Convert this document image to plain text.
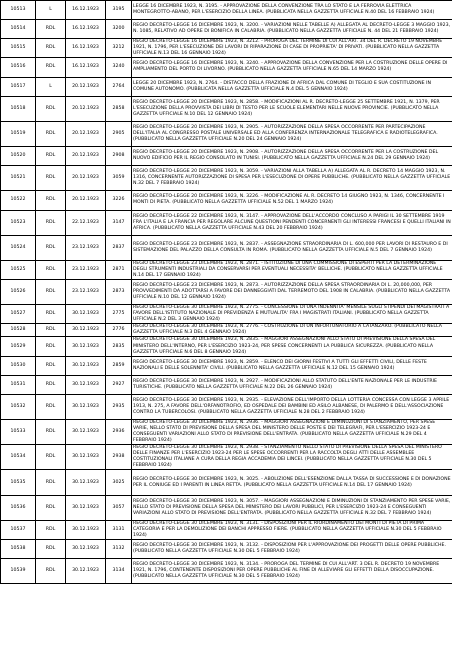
10513	L	16.12.1923	3195	LEGGE 16 DICEMBRE 1923, N. 3195. - APPROVAZIONE DELLA CONVENZIONE TRA LO STATO E LA FERROVIA ELETTRICA MONTEGROTTO-ABANO, PER L'ESERCIZIO DELLA LINEA. (PUBBLICATA NELLA GAZZETTA UFFICIALE N.40 DEL 16 FEBBRAIO 1924)
10514	RDL	16.12.1923	3200	REGIO DECRETO-LEGGE 16 DICEMBRE 1923, N. 3200. - VARIAZIONI NELLE TABELLE A) ALLEGATA AL DECRETO-LEGGE 3 MAGGIO 1923, N. 1085, RELATIVO AD OPERE DI BONIFICA IN CALABRIA. (PUBBLICATO NELLA GAZZETTA UFFICIALE N. 44 DEL 21 FEBBRAIO 1924)
10515	RDL	16.12.1923	3212	REGIO DECRETO-LEGGE 16 DICEMBRE 1923, N. 3212. - PROROGA DEL TERMINE DI CUI ALL'ART. 34 DEL R. DECRETO 19 NOVEMBRE 1921, N. 1796, PER L'ESECUZIONE DEI LAVORI DI RIPARAZIONE DI CASE DI PROPRIETA' DI PRIVATI. (PUBBLICATO NELLA GAZZETTA UFFICIALE N.13 DEL 16 GENNAIO 1924)
10516	RDL	16.12.1923	3240	REGIO DECRETO-LEGGE 16 DICEMBRE 1923, N. 3240. - APPROVAZIONE DELLA CONVENZIONE PER LA COSTRUZIONE DELLE OPERE DI AMPLIAMENTO DEL PORTO DI LIVORNO. (PUBBLICATO NELLA GAZZETTA UFFICIALE N.65 DEL 14 MARZO 1924)
10517	L	20.12.1923	2764	LEGGE 20 DICEMBRE 1923, N. 2764. - DISTACCO DELLA FRAZIONE DI AFRICA DAL COMUNE DI TEGLIO E SUA COSTITUZIONE IN COMUNE AUTONOMO. (PUBBLICATA NELLA GAZZETTA UFFICIALE N.4 DEL 5 GENNAIO 1924)
10518	RDL	20.12.1923	2858	REGIO DECRETO-LEGGE 20 DICEMBRE 1923, N. 2858. - MODIFICAZIONI AL R. DECRETO-LEGGE 25 SETTEMBRE 1921, N. 1379, PER L'ESECUZIONE DELLA PROVVISTA DEI LIBRI DI TESTO PER LE SCUOLE ELEMENTARI NELLE NUOVE PROVINCIE. (PUBBLICATO NELLA GAZZETTA UFFICIALE N.10 DEL 12 GENNAIO 1924)
10519	RDL	20.12.1923	2905	REGIO DECRETO-LEGGE 20 DICEMBRE 1923, N. 2905. - AUTORIZZAZIONE DELLA SPESA OCCORRENTE PER PARTECIPAZIONE DELL'ITALIA AL CONGRESSO POSTALE UNIVERSALE ED ALLA CONFERENZA INTERNAZIONALE TELEGRAFICA E RADIOTELEGRAFICA. (PUBBLICATO NELLA GAZZETTA UFFICIALE N.20 DEL 24 GENNAIO 1924)
10520	RDL	20.12.1923	2908	REGIO DECRETO-LEGGE 20 DICEMBRE 1923, N. 2908. - AUTORIZZAZIONE DELLA SPESA OCCORRENTE PER LA COSTRUZIONE DEL NUOVO EDIFICIO PER IL REGIO CONSOLATO IN TUNISI. (PUBBLICATO NELLA GAZZETTA UFFICIALE N.24 DEL 29 GENNAIO 1924)
10521	RDL	20.12.1923	3059	REGIO DECRETO-LEGGE 20 DICEMBRE 1923, N. 3059. - VARIAZIONI ALLA TABELLA A) ALLEGATA AL R. DECRETO 14 MAGGIO 1923, N. 1316, CONCERNENTE AUTORIZZAZIONE DI SPESA PER L'ESECUZIONE DI OPERE PUBBLICHE. (PUBBLICATO NELLA GAZZETTA UFFICIALE N.32 DEL 7 FEBBRAIO 1924)
10522	RDL	20.12.1923	3226	REGIO DECRETO-LEGGE 20 DICEMBRE 1923, N. 3226. - MODIFICAZIONE AL R. DECRETO 14 GIUGNO 1923, N. 1346, CONCERNENTE I MONTI DI PIETA. (PUBBLICATO NELLA GAZZETTA UFFICIALE N.52 DEL 1 MARZO 1924)
10523	RDL	22.12.1923	3147	REGIO DECRETO-LEGGE 22 DICEMBRE 1923, N. 3147. - APPROVAZIONE DELL'ACCORDO CONCLUSO A PARIGI IL 30 SETTEMBRE 1919 FRA L'ITALIA E LA FRANCIA PER REGOLARE ALCUNE QUESTIONI PENDENTI CONCERNENTI GLI INTERESSI FRANCESI E QUELLI ITALIANI IN AFRICA. (PUBBLICATO NELLA GAZZETTA UFFICIALE N.43 DEL 20 FEBBRAIO 1924)
10524	RDL	23.12.1923	2837	REGIO DECRETO-LEGGE 23 DICEMBRE 1923, N. 2837. - ASSEGNAZIONE STRAORDINARIA DI L. 600,000 PER LAVORI DI RESTAURO E DI SISTEMAZIONE DEL PALAZZO DELLA CONSULTA IN ROMA. (PUBBLICATO NELLA GAZZETTA UFFICIALE N.5 DEL 7 GENNAIO 1924)
10525	RDL	23.12.1923	2871	REGIO DECRETO-LEGGE 23 DICEMBRE 1923, N. 2871. - ISTITUZIONE DI UNA COMMISSIONE DI ESPERTI PER LA DETERMINAZIONE DEGLI STRUMENTI INDUSTRIALI DA CONSERVARSI PER EVENTUALI NECESSITA' BELLICHE. (PUBBLICATO NELLA GAZZETTA UFFICIALE N.14 DEL 17 GENNAIO 1924)
10526	RDL	23.12.1923	2873	REGIO DECRETO-LEGGE 23 DICEMBRE 1923, N. 2873. - AUTORIZZAZIONE DELLA SPESA STRAORDINARIA DI L. 20,000,000, PER PROVVEDIMENTI DA ADOTTARSI A FAVORE DEI DANNEGGIATI DAL TERREMOTO DEL 1908 IN CALABRIA. (PUBBLICATO NELLA GAZZETTA UFFICIALE N.10 DEL 12 GENNAIO 1924)
10527	RDL	30.12.1923	2775	REGIO DECRETO-LEGGE 30 DICEMBRE 1923, N. 2775. - CONCESSIONE DI UNA INDENNITA' MENSILE SUGLI STIPENDI DEI MAGISTRATI A FAVORE DELL'ISTITUTO NAZIONALE DI PREVIDENZA E MUTUALITA' FRA I MAGISTRATI ITALIANI. (PUBBLICATO NELLA GAZZETTA UFFICIALE N.2 DEL 3 GENNAIO 1924)
10528	RDL	30.12.1923	2776	REGIO DECRETO-LEGGE 30 DICEMBRE 1923, N. 2776. - COSTRUZIONE DI UN INFORTUNATORIO A CATANZARO. (PUBBLICATO NELLA GAZZETTA UFFICIALE N.3 DEL 4 GENNAIO 1924)
10529	RDL	30.12.1923	2835	REGIO DECRETO-LEGGE 30 DICEMBRE 1923, N. 2835. - MAGGIORI ASSEGNAZIONI ALLO STATO DI PREVISIONE DELLA SPESA DEL MINISTERO DELL'INTERNO, PER L'ESERCIZIO 1923-24, PER SPESE CONCERNENTI LA PUBBLICA SICUREZZA. (PUBBLICATO NELLA GAZZETTA UFFICIALE N.6 DEL 8 GENNAIO 1924)
10530	RDL	30.12.1923	2859	REGIO DECRETO-LEGGE 30 DICEMBRE 1923, N. 2859. - ELENCO DEI GIORNI FESTIVI A TUTTI GLI EFFETTI CIVILI, DELLE FESTE NAZIONALI E DELLE SOLENNITA' CIVILI. (PUBBLICATO NELLA GAZZETTA UFFICIALE N.12 DEL 15 GENNAIO 1924)
10531	RDL	30.12.1923	2927	REGIO DECRETO-LEGGE 30 DICEMBRE 1923, N. 2927. - MODIFICAZIONI ALLO STATUTO DELL'ENTE NAZIONALE PER LE INDUSTRIE TURISTICHE. (PUBBLICATO NELLA GAZZETTA UFFICIALE N.22 DEL 26 GENNAIO 1924)
10532	RDL	30.12.1923	2935	REGIO DECRETO-LEGGE 30 DICEMBRE 1923, N. 2935. - ELEVAZIONE DELL'IMPORTO DELLA LOTTERIA CONCESSA CON LEGGE 3 APRILE 1913, N. 275, A FAVORE DELL'ORFANOTROFIO, ED OSPEDALE DEI BAMBINI ED ASILO ALBANESE, DI PALERMO E DELL'ASSOCIAZIONE CONTRO LA TUBERCOLOSI. (PUBBLICATO NELLA GAZZETTA UFFICIALE N.28 DEL 2 FEBBRAIO 1924)
10533	RDL	30.12.1923	2936	REGIO DECRETO-LEGGE 30 DICEMBRE 1923, N. 2936. - MAGGIORI ASSEGNAZIONI E DIMINUZIONI DI STANZIAMENTO, PER SPESE VARIE, NELLO STATO DI PREVISIONE DELLA SPESA DEL MINISTERO DELLE POSTE E DEI TELEGRAFI, PER L'ESERCIZIO 1923-24 E CONSEGUENTI VARIAZIONI ALLO STATO DI PREVISIONE DELL'ENTRATA. (PUBBLICATO NELLA GAZZETTA UFFICIALE N.29 DEL 4 FEBBRAIO 1924)
10534	RDL	30.12.1923	2938	REGIO DECRETO-LEGGE 30 DICEMBRE 1923, N. 2938. - STANZIAMENTO NELLO STATO DI PREVISIONE DELLA SPESA DEL MINISTERO DELLE FINANZE PER L'ESERCIZIO 1923-24 PER LE SPESE OCCORRENTI PER LA RACCOLTA DEGLI ATTI DELLE ASSEMBLEE COSTITUZIONALI ITALIANE A CURA DELLA REGIA ACCADEMIA DEI LINCEI. (PUBBLICATO NELLA GAZZETTA UFFICIALE N.30 DEL 5 FEBBRAIO 1924)
10535	RDL	30.12.1923	3025	REGIO DECRETO-LEGGE 30 DICEMBRE 1923, N. 3025. - ABOLIZIONE DELL'ESENZIONE DALLA TASSA DI SUCCESSIONE E DI DONAZIONE PER IL CONIUGE ED I PARENTI IN LINEA RETTA. (PUBBLICATO NELLA GAZZETTA UFFICIALE N.14 DEL 17 GENNAIO 1924)
10536	RDL	30.12.1923	3057	REGIO DECRETO-LEGGE 30 DICEMBRE 1923, N. 3057. - MAGGIORI ASSEGNAZIONI E DIMINUZIONI DI STANZIAMENTO PER SPESE VARIE, NELLO STATO DI PREVISIONE DELLA SPESA DEL MINISTERO DEI LAVORI PUBBLICI, PER L'ESERCIZIO 1923-24 E CONSEGUENTI VARIAZIONI ALLO STATO DI PREVISIONE DELL'ENTRATA. (PUBBLICATO NELLA GAZZETTA UFFICIALE N.32 DEL 7 FEBBRAIO 1924)
10537	RDL	30.12.1923	3131	REGIO DECRETO-LEGGE 30 DICEMBRE 1923, N. 3131. - DISPOSIZIONI PER IL RIORDINAMENTO DEI MONTI DI PIETA DI PRIMA CATEGORIA E PER LA DEMOLIZIONE DEI BANCHI APPRESSO FIERE. (PUBBLICATO NELLA GAZZETTA UFFICIALE N.30 DEL 5 FEBBRAIO 1924)
10538	RDL	30.12.1923	3132	REGIO DECRETO-LEGGE 30 DICEMBRE 1923, N. 3132. - DISPOSIZIONI PER L'APPROVAZIONE DEI PROGETTI DELLE OPERE PUBBLICHE. (PUBBLICATO NELLA GAZZETTA UFFICIALE N.30 DEL 5 FEBBRAIO 1924)
10539	RDL	30.12.1923	3134	REGIO DECRETO-LEGGE 30 DICEMBRE 1923, N. 3134. - PROROGA DEL TERMINE DI CUI ALL'ART. 3 DEL R. DECRETO 19 NOVEMBRE 1921, N. 1796, CONTENENTE DISPOSIZIONI PER OPERE PUBBLICHE AL FINE DI ALLEVIARE GLI EFFETTI DELLA DISOCCUPAZIONE. (PUBBLICATO NELLA GAZZETTA UFFICIALE N.30 DEL 5 FEBBRAIO 1924)
